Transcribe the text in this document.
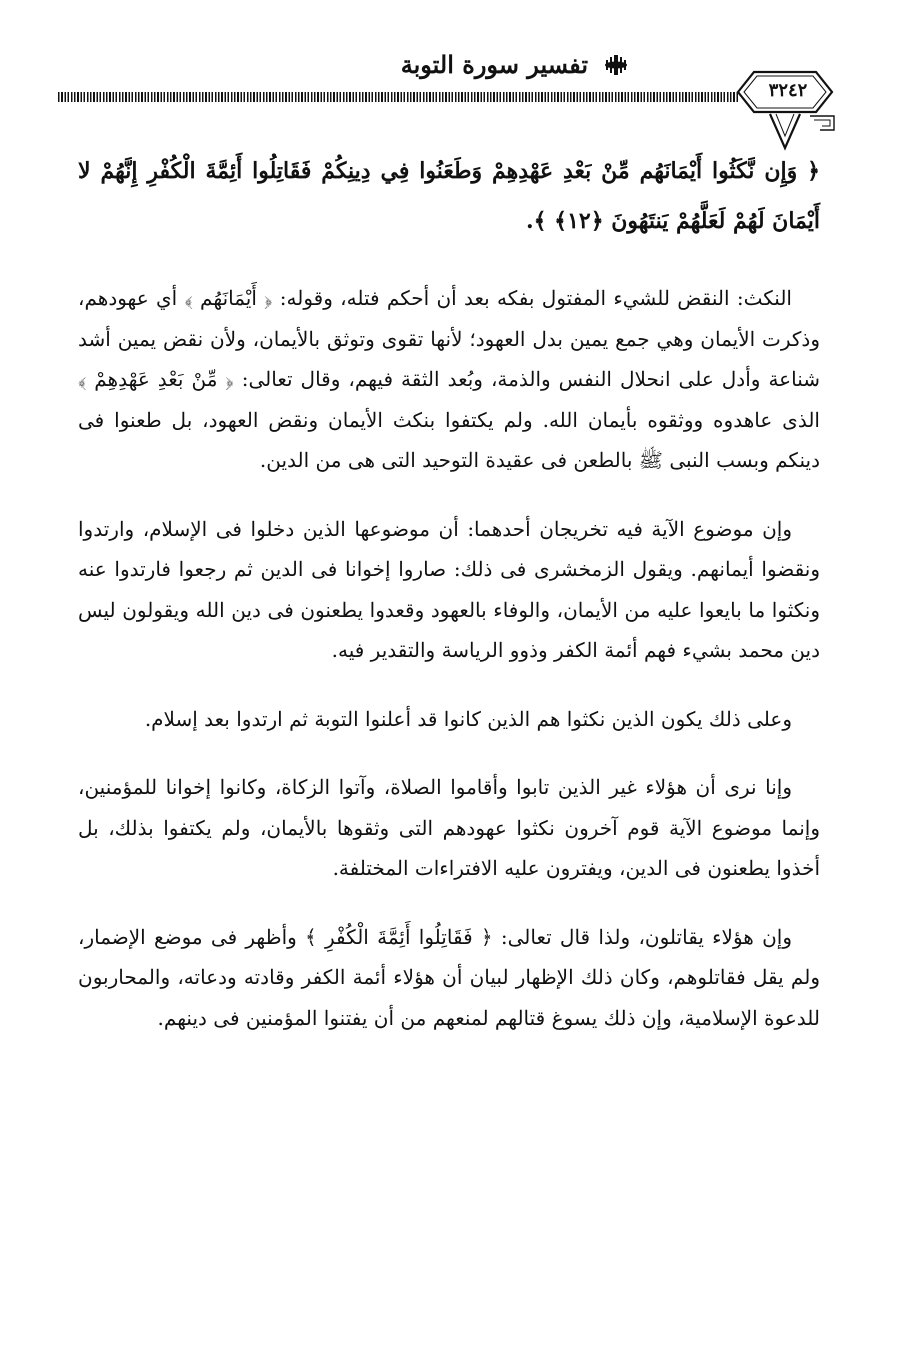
تفسير سورة التوبة
٣٢٤٢

﴿ وَإِن نَّكَثُوا أَيْمَانَهُم مِّنْ بَعْدِ عَهْدِهِمْ وَطَعَنُوا فِي دِينِكُمْ فَقَاتِلُوا أَئِمَّةَ الْكُفْرِ إِنَّهُمْ لا أَيْمَانَ لَهُمْ لَعَلَّهُمْ يَنتَهُونَ ﴿١٢﴾ ﴾.

النكث: النقض للشيء المفتول بفكه بعد أن أحكم فتله، وقوله: ﴿ أَيْمَانَهُم ﴾ أي عهودهم، وذكرت الأيمان وهي جمع يمين بدل العهود؛ لأنها تقوى وتوثق بالأيمان، ولأن نقض يمين أشد شناعة وأدل على انحلال النفس والذمة، وبُعد الثقة فيهم، وقال تعالى: ﴿ مِّنْ بَعْدِ عَهْدِهِمْ ﴾ الذى عاهدوه ووثقوه بأيمان الله. ولم يكتفوا بنكث الأيمان ونقض العهود، بل طعنوا فى دينكم وبسب النبى ﷺ بالطعن فى عقيدة التوحيد التى هى من الدين.

وإن موضوع الآية فيه تخريجان أحدهما: أن موضوعها الذين دخلوا فى الإسلام، وارتدوا ونقضوا أيمانهم. ويقول الزمخشرى فى ذلك: صاروا إخوانا فى الدين ثم رجعوا فارتدوا عنه ونكثوا ما بايعوا عليه من الأيمان، والوفاء بالعهود وقعدوا يطعنون فى دين الله ويقولون ليس دين محمد بشيء فهم أئمة الكفر وذوو الرياسة والتقدير فيه.

وعلى ذلك يكون الذين نكثوا هم الذين كانوا قد أعلنوا التوبة ثم ارتدوا بعد إسلام.

وإنا نرى أن هؤلاء غير الذين تابوا وأقاموا الصلاة، وآتوا الزكاة، وكانوا إخوانا للمؤمنين، وإنما موضوع الآية قوم آخرون نكثوا عهودهم التى وثقوها بالأيمان، ولم يكتفوا بذلك، بل أخذوا يطعنون فى الدين، ويفترون عليه الافتراءات المختلفة.

وإن هؤلاء يقاتلون، ولذا قال تعالى: ﴿ فَقَاتِلُوا أَئِمَّةَ الْكُفْرِ ﴾ وأظهر فى موضع الإضمار، ولم يقل فقاتلوهم، وكان ذلك الإظهار لبيان أن هؤلاء أئمة الكفر وقادته ودعاته، والمحاربون للدعوة الإسلامية، وإن ذلك يسوغ قتالهم لمنعهم من أن يفتنوا المؤمنين فى دينهم.
